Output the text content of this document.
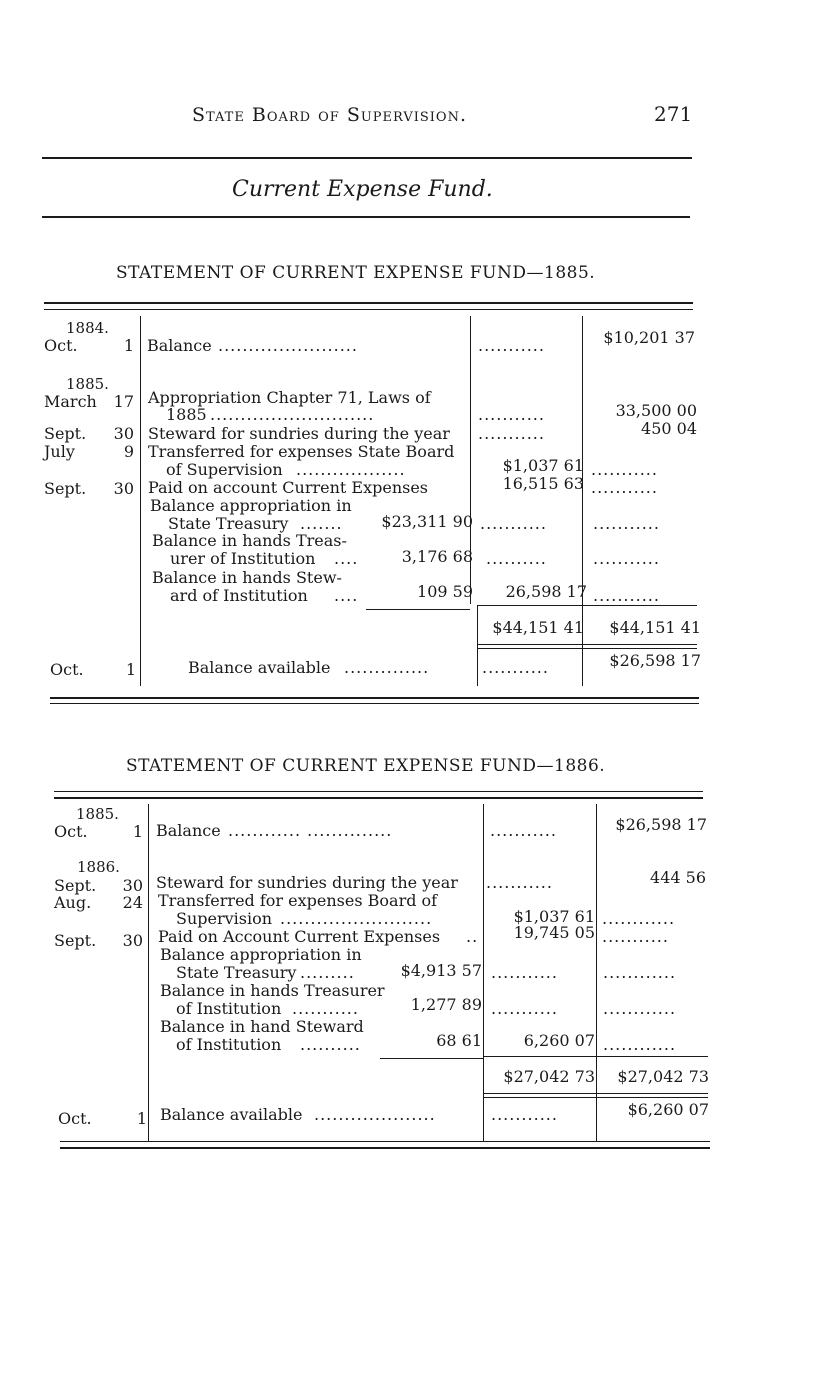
State Board of Supervision.	271
Current Expense Fund.
STATEMENT OF CURRENT EXPENSE FUND—1885.
1884.
Oct.	1 Balance .......................	...........	$10,201 37
1885.
March 17 Appropriation Chapter 71, Laws of
1885 ...........................	...........	33,500 00
Sept. 30 Steward for sundries during the year ...........	450 04
July	9 Transferred for expenses State Board
of Supervision ..................	$1,037 61 ...........
Sept. 30 Paid on account Current Expenses	16,515 63 ...........
Balance appropriation in
State Treasury ....... $23,311 90 ...........	...........
Balance in hands Treas-
urer of Institution ....	3,176 68 ..........	...........
Balance in hands Stew-
ard of Institution ....	109 59 26,598 17 ...........
$44,151 41 $44,151 41
Oct.	1	Balance available ..............	...........	$26,598 17
STATEMENT OF CURRENT EXPENSE FUND—1886.
1885.
Oct.	1 Balance ............ ..............	...........	$26,598 17
1886.
Sept. 30 Steward for sundries during the year ...........	444 56
Aug. 24 Transferred for expenses Board of
Supervision .........................	$1,037 61 ............
Sept. 30 Paid on Account Current Expenses .. 19,745 05 ...........
Balance appropriation in
State Treasury .........	$4,913 57 ...........	............
Balance in hands Treasurer
of Institution ...........	1,277 89 ...........	............
Balance in hand Steward
of Institution ..........	68 61	6,260 07 ............
$27,042 73 $27,042 73
Oct.	1 Balance available ....................	...........	$6,260 07
